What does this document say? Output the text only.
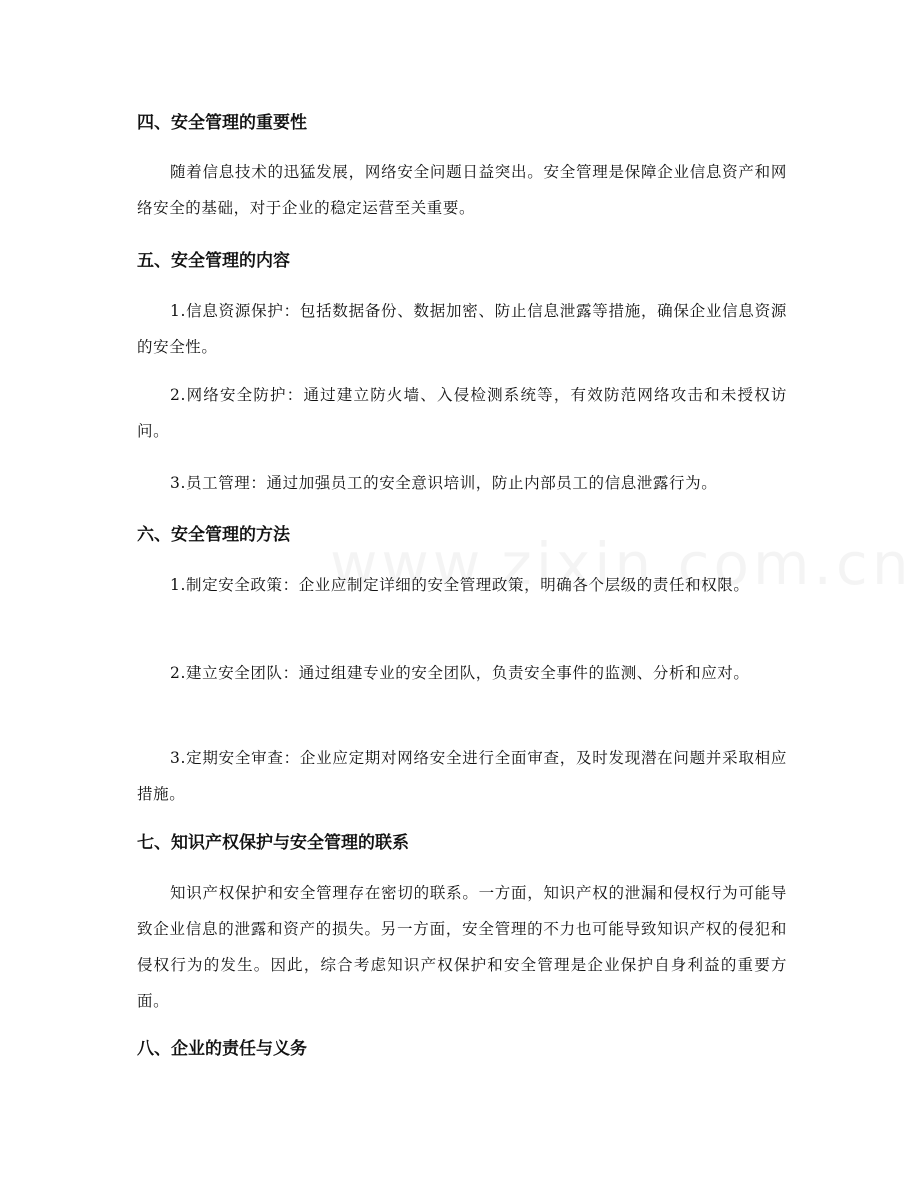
四、安全管理的重要性

随着信息技术的迅猛发展，网络安全问题日益突出。安全管理是保障企业信息资产和网络安全的基础，对于企业的稳定运营至关重要。

五、安全管理的内容

1.信息资源保护：包括数据备份、数据加密、防止信息泄露等措施，确保企业信息资源的安全性。

2.网络安全防护：通过建立防火墙、入侵检测系统等，有效防范网络攻击和未授权访问。

3.员工管理：通过加强员工的安全意识培训，防止内部员工的信息泄露行为。

六、安全管理的方法

1.制定安全政策：企业应制定详细的安全管理政策，明确各个层级的责任和权限。

2.建立安全团队：通过组建专业的安全团队，负责安全事件的监测、分析和应对。

3.定期安全审查：企业应定期对网络安全进行全面审查，及时发现潜在问题并采取相应措施。

七、知识产权保护与安全管理的联系

知识产权保护和安全管理存在密切的联系。一方面，知识产权的泄漏和侵权行为可能导致企业信息的泄露和资产的损失。另一方面，安全管理的不力也可能导致知识产权的侵犯和侵权行为的发生。因此，综合考虑知识产权保护和安全管理是企业保护自身利益的重要方面。

八、企业的责任与义务
